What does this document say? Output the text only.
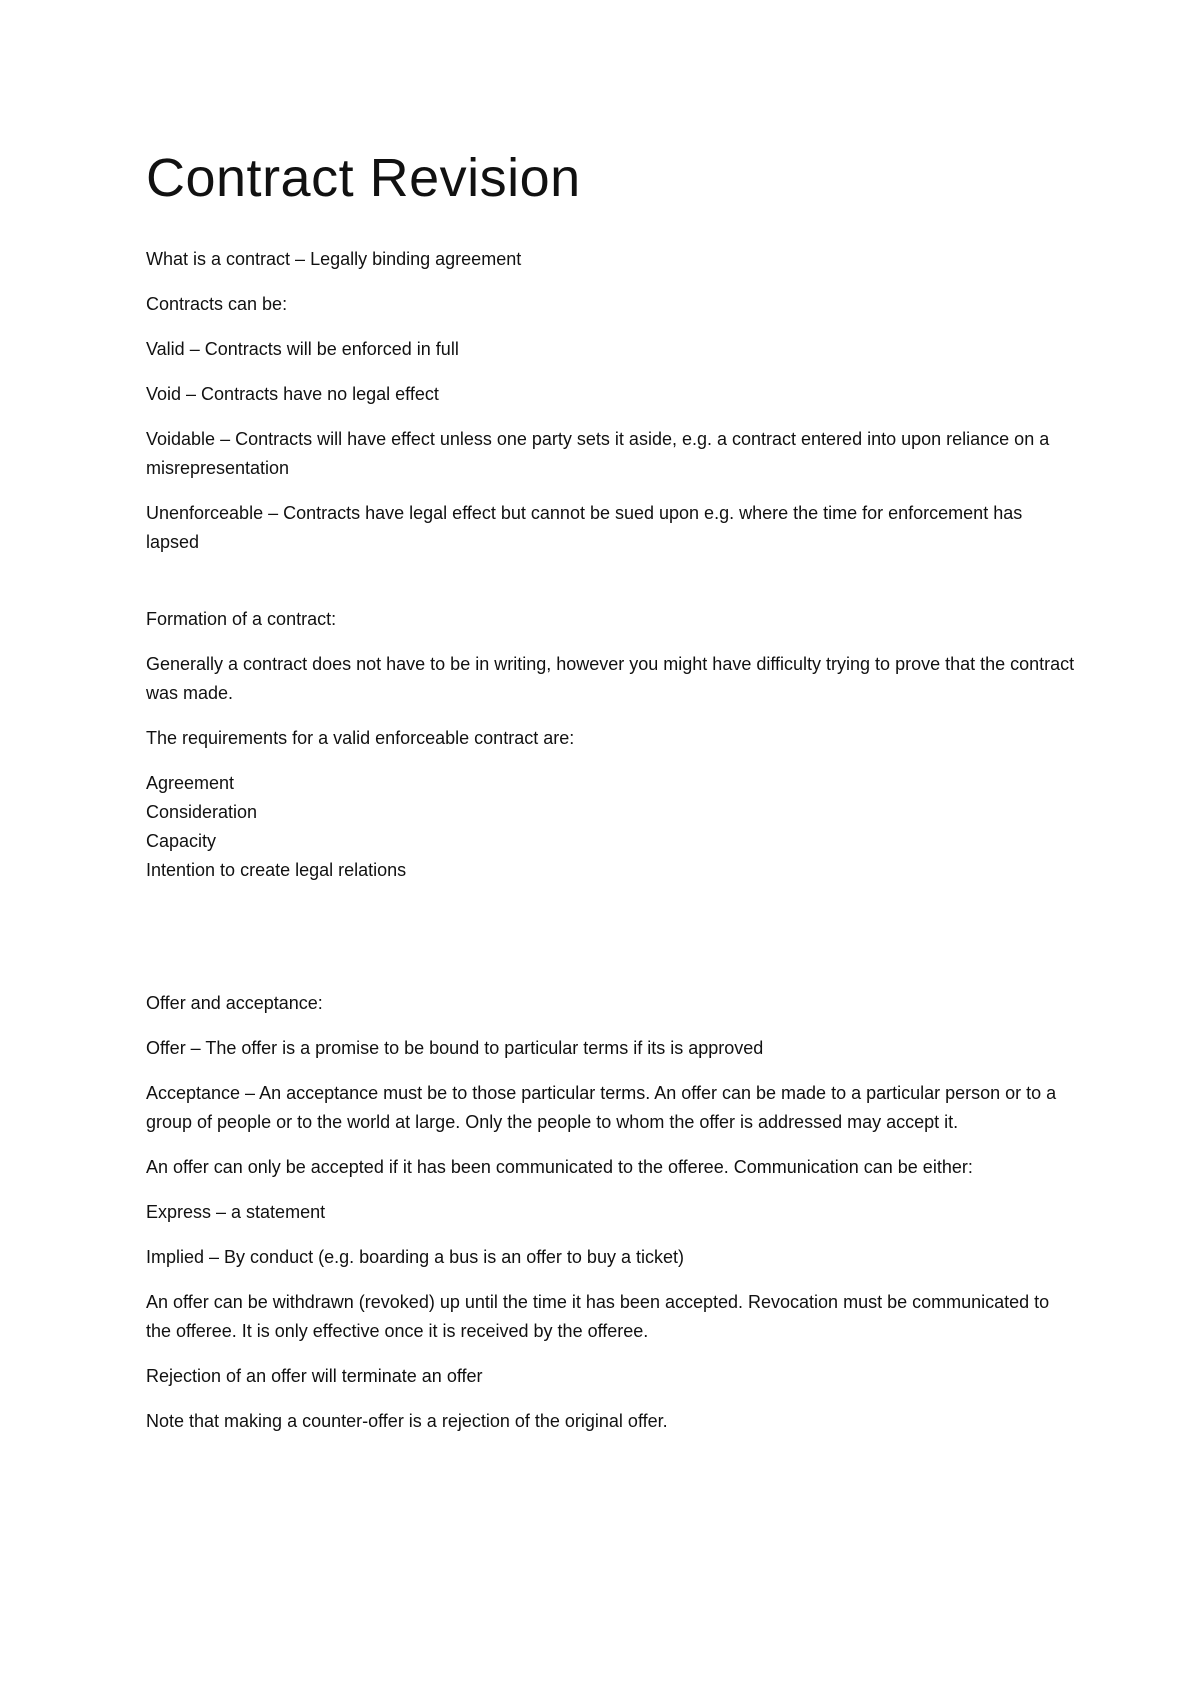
Contract Revision

What is a contract – Legally binding agreement

Contracts can be:

Valid – Contracts will be enforced in full

Void – Contracts have no legal effect

Voidable – Contracts will have effect unless one party sets it aside, e.g. a contract entered into upon reliance on a misrepresentation

Unenforceable – Contracts have legal effect but cannot be sued upon e.g. where the time for enforcement has lapsed

Formation of a contract:

Generally a contract does not have to be in writing, however you might have difficulty trying to prove that the contract was made.

The requirements for a valid enforceable contract are:

Agreement

Consideration

Capacity

Intention to create legal relations

Offer and acceptance:

Offer – The offer is a promise to be bound to particular terms if its is approved

Acceptance – An acceptance must be to those particular terms. An offer can be made to a particular person or to a group of people or to the world at large. Only the people to whom the offer is addressed may accept it.

An offer can only be accepted if it has been communicated to the offeree. Communication can be either:

Express – a statement

Implied – By conduct (e.g. boarding a bus is an offer to buy a ticket)

An offer can be withdrawn (revoked) up until the time it has been accepted. Revocation must be communicated to the offeree. It is only effective once it is received by the offeree.

Rejection of an offer will terminate an offer

Note that making a counter-offer is a rejection of the original offer.
